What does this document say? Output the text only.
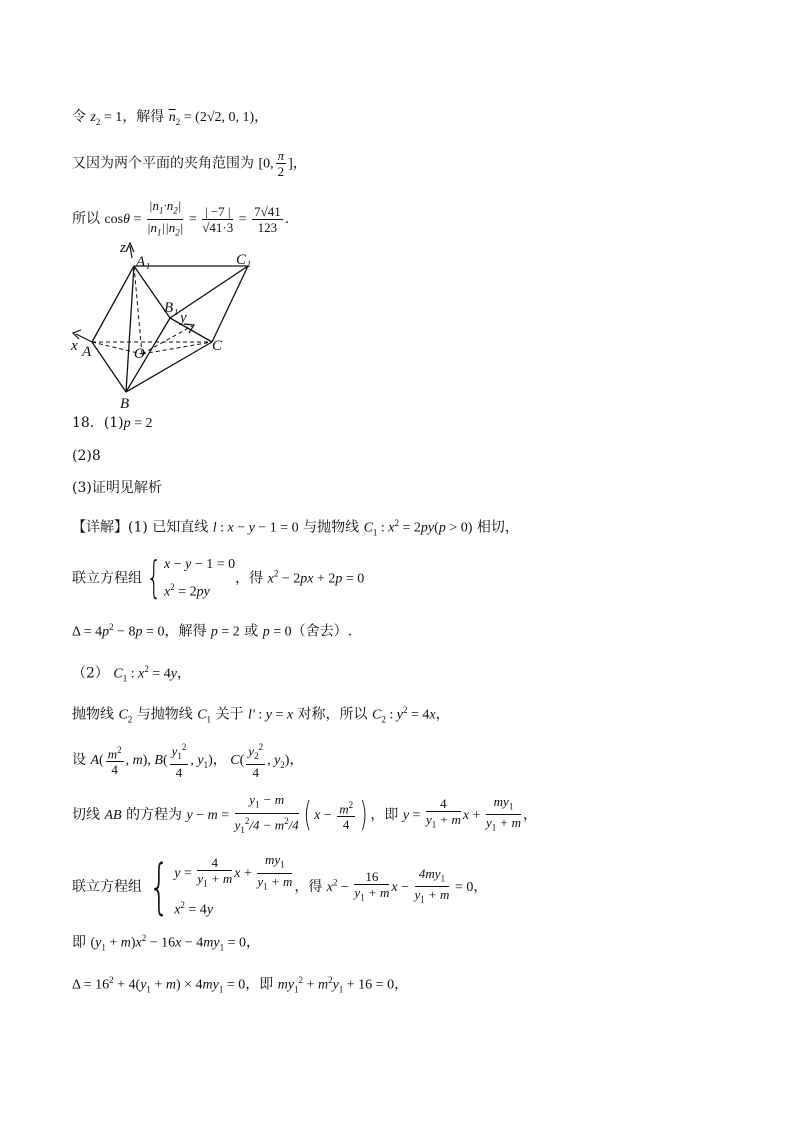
令 $z_2 = 1$，解得 $\overline{n}_2 = (2√2$, 0, 1)，
又因为两个平面的夹角范围为 [0, $\frac{\pi}{2}$ ]，
所以 $\cos\theta = \frac{|n_1\cdot n_2|}{|n_1||n_2|} = \frac{| -7 |}{√41\cdot 3} = \frac{7√41}{123}$ .
z
A₁	C₁
B₁
y
x A	O	C
B
18．(1)p = 2
(2)8
(3)证明见解析
【详解】(1) 已知直线 l : x − y − 1 = 0 与抛物线 $C_1$ : $x^2 = 2py(p > 0)$ 相切，
联立方程组{ x − y − 1 = 0
$x^2 = 2py$
，得 $x^2 - 2px + 2p = 0$
$\Delta = 4p^2 - 8p = 0$，解得 p = 2 或 p = 0（舍去）.
（2） $C_1$ : $x^2 = 4y$，
抛物线 $C_2$ 与抛物线 $C_1$ 关于 l' : y = x 对称，所以 $C_2$ : $y^2 = 4x$，
设 $A( \frac{m^2}{4}$ , m), $B( \frac{y_1^2}{4}$ , $y_1$)， $C( \frac{y_2^2}{4}$ , $y_2$)，
切线 AB 的方程为 $y - m = \frac{y_1 - m}{y_1^2/4 - m^2/4}$ ( $x - \frac{m^2}{4}$ ) ，即 $y = \frac{4}{y_1 + m}$ $x + \frac{my_1}{y_1 + m}$ ，
联立方程组 { $y = \frac{4}{y_1 + m}$ $x + \frac{my_1}{y_1 + m}$
$x^2 = 4y$
，得 $x^2 - \frac{16}{y_1 + m}$ $x - \frac{4my_1}{y_1 + m} = 0$，
即 $(y_1 + m)x^2 - 16x - 4my_1 = 0$，
$\Delta = 16^2 + 4(y_1 + m) \times 4my_1 = 0$，即 $my_1^2 + m^2y_1 + 16 = 0$，
